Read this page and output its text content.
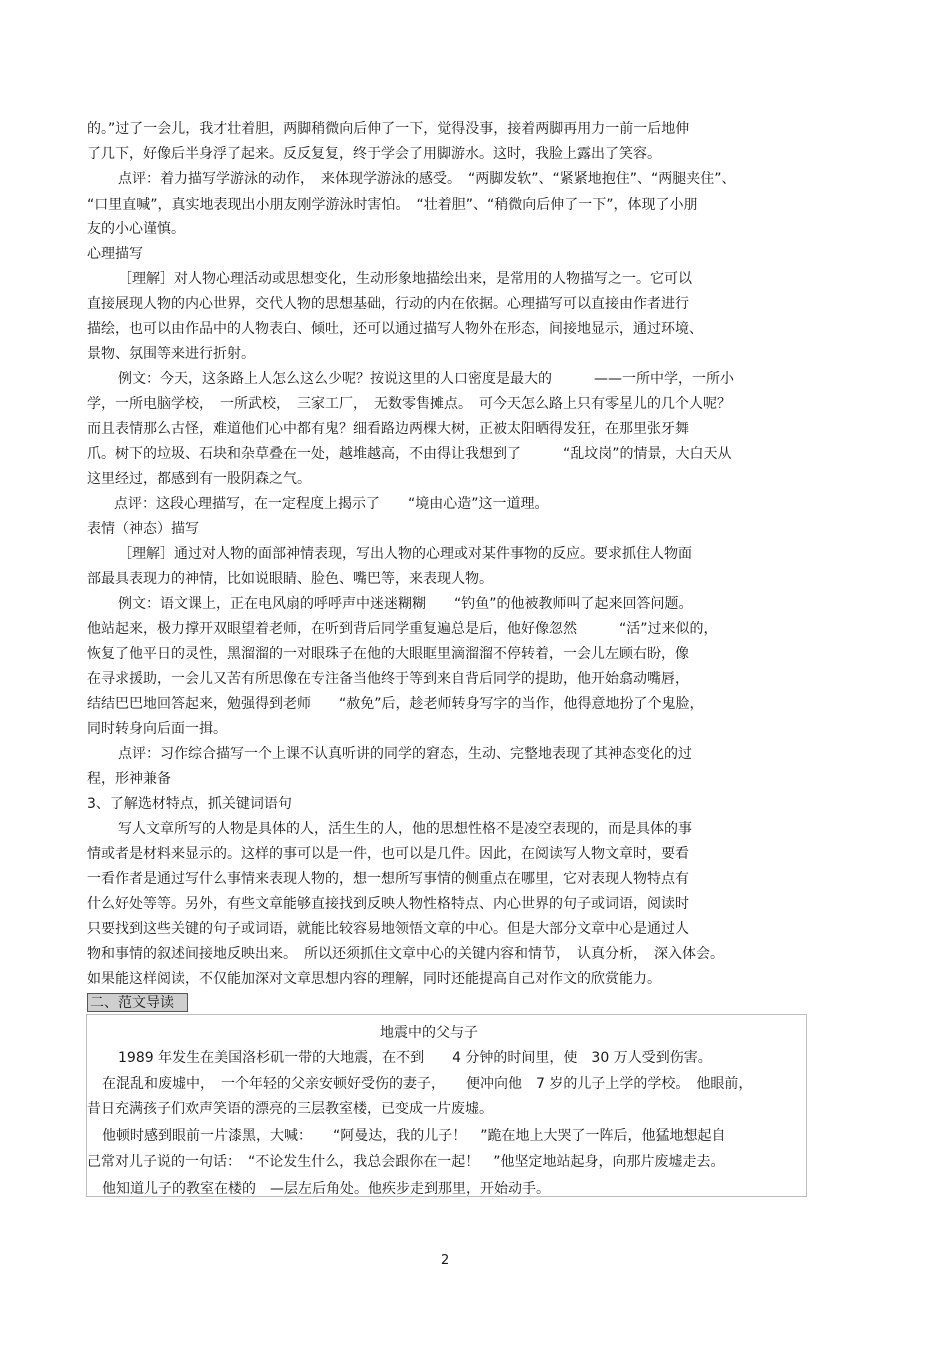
的。”过了一会儿，我才壮着胆，两脚稍微向后伸了一下，觉得没事，接着两脚再用力一前一后地伸
了几下，好像后半身浮了起来。反反复复，终于学会了用脚游水。这时，我脸上露出了笑容。
点评：着力描写学游泳的动作，　来体现学游泳的感受。　“两脚发软”、“紧紧地抱住”、“两腿夹住”、
“口里直喊”，真实地表现出小朋友刚学游泳时害怕。　“壮着胆”、“稍微向后伸了一下”，体现了小朋
友的小心谨慎。
心理描写
［理解］对人物心理活动或思想变化，生动形象地描绘出来，是常用的人物描写之一。它可以
直接展现人物的内心世界，交代人物的思想基础，行动的内在依据。心理描写可以直接由作者进行
描绘，也可以由作品中的人物表白、倾吐，还可以通过描写人物外在形态，间接地显示，通过环境、
景物、氛围等来进行折射。
例文：今天，这条路上人怎么这么少呢？按说这里的人口密度是最大的　　　——一所中学，一所小
学，一所电脑学校，　一所武校，　三家工厂，　无数零售摊点。　可今天怎么路上只有零星儿的几个人呢？
而且表情那么古怪，难道他们心中都有鬼？细看路边两棵大树，正被太阳晒得发狂，在那里张牙舞
爪。树下的垃圾、石块和杂草叠在一处，越堆越高，不由得让我想到了　　　“乱坟岗”的情景，大白天从
这里经过，都感到有一股阴森之气。
点评：这段心理描写，在一定程度上揭示了　　“境由心造”这一道理。
表情（神态）描写
［理解］通过对人物的面部神情表现，写出人物的心理或对某件事物的反应。要求抓住人物面
部最具表现力的神情，比如说眼睛、脸色、嘴巴等，来表现人物。
例文：语文课上，正在电风扇的呼呼声中迷迷糊糊　　“钓鱼”的他被教师叫了起来回答问题。
他站起来，极力撑开双眼望着老师，在听到背后同学重复遍总是后，他好像忽然　　　“活”过来似的，
恢复了他平日的灵性，黑溜溜的一对眼珠子在他的大眼眶里滴溜溜不停转着，一会儿左顾右盼，像
在寻求援助，一会儿又苦有所思像在专注备当他终于等到来自背后同学的提助，他开始翕动嘴唇，
结结巴巴地回答起来，勉强得到老师　　“赦免”后，趁老师转身写字的当作，他得意地扮了个鬼脸，
同时转身向后面一揖。
点评：习作综合描写一个上课不认真听讲的同学的窘态，生动、完整地表现了其神态变化的过
程，形神兼备
3、了解选材特点，抓关键词语句
写人文章所写的人物是具体的人，活生生的人，他的思想性格不是凌空表现的，而是具体的事
情或者是材料来显示的。这样的事可以是一件，也可以是几件。因此，在阅读写人物文章时，要看
一看作者是通过写什么事情来表现人物的，想一想所写事情的侧重点在哪里，它对表现人物特点有
什么好处等等。另外，有些文章能够直接找到反映人物性格特点、内心世界的句子或词语，阅读时
只要找到这些关键的句子或词语，就能比较容易地领悟文章的中心。但是大部分文章中心是通过人
物和事情的叙述间接地反映出来。　所以还须抓住文章中心的关键内容和情节，　认真分析，　深入体会。
如果能这样阅读，不仅能加深对文章思想内容的理解，同时还能提高自己对作文的欣赏能力。
二、范文导读
地震中的父与子
1989 年发生在美国洛杉矶一带的大地震，在不到　　4 分钟的时间里，使　30 万人受到伤害。
在混乱和废墟中，　一个年轻的父亲安顿好受伤的妻子，　　便冲向他　7 岁的儿子上学的学校。　他眼前，
昔日充满孩子们欢声笑语的漂亮的三层教室楼，已变成一片废墟。
他顿时感到眼前一片漆黑，大喊：　　“阿曼达，我的儿子！　”跪在地上大哭了一阵后，他猛地想起自
己常对儿子说的一句话：　“不论发生什么，我总会跟你在一起！　”他坚定地站起身，向那片废墟走去。
他知道儿子的教室在楼的　—层左后角处。他疾步走到那里，开始动手。
2
